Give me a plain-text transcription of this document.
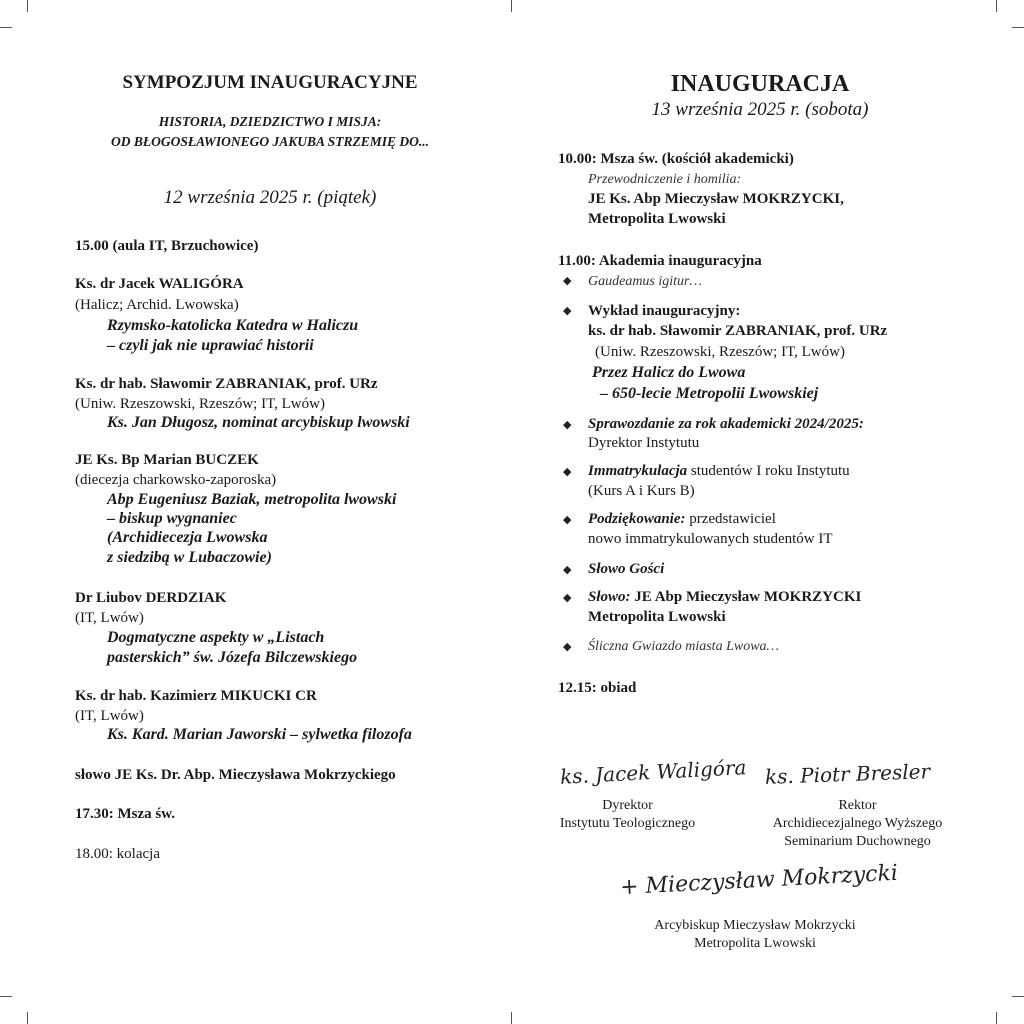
SYMPOZJUM INAUGURACYJNE
HISTORIA, DZIEDZICTWO I MISJA:
OD BŁOGOSŁAWIONEGO JAKUBA STRZEMIĘ DO...
12 września 2025 r. (piątek)
15.00 (aula IT, Brzuchowice)
Ks. dr Jacek WALIGÓRA
(Halicz; Archid. Lwowska)
Rzymsko-katolicka Katedra w Haliczu
– czyli jak nie uprawiać historii
Ks. dr hab. Sławomir ZABRANIAK, prof. URz
(Uniw. Rzeszowski, Rzeszów; IT, Lwów)
Ks. Jan Długosz, nominat arcybiskup lwowski
JE Ks. Bp Marian BUCZEK
(diecezja charkowsko-zaporoska)
Abp Eugeniusz Baziak, metropolita lwowski
– biskup wygnaniec
(Archidiecezja Lwowska
z siedzibą w Lubaczowie)
Dr Liubov DERDZIAK
(IT, Lwów)
Dogmatyczne aspekty w „Listach
pasterskich” św. Józefa Bilczewskiego
Ks. dr hab. Kazimierz MIKUCKI CR
(IT, Lwów)
Ks. Kard. Marian Jaworski – sylwetka filozofa
słowo JE Ks. Dr. Abp. Mieczysława Mokrzyckiego
17.30: Msza św.
18.00: kolacja
INAUGURACJA
13 września 2025 r. (sobota)
10.00: Msza św. (kościół akademicki)
Przewodniczenie i homilia:
JE Ks. Abp Mieczysław MOKRZYCKI,
Metropolita Lwowski
11.00: Akademia inauguracyjna
◆ Gaudeamus igitur…
◆ Wykład inauguracyjny:
ks. dr hab. Sławomir ZABRANIAK, prof. URz
(Uniw. Rzeszowski, Rzeszów; IT, Lwów)
Przez Halicz do Lwowa
– 650-lecie Metropolii Lwowskiej
◆ Sprawozdanie za rok akademicki 2024/2025:
Dyrektor Instytutu
◆ Immatrykulacja studentów I roku Instytutu
(Kurs A i Kurs B)
◆ Podziękowanie: przedstawiciel
nowo immatrykulowanych studentów IT
◆ Słowo Gości
◆ Słowo: JE Abp Mieczysław MOKRZYCKI
Metropolita Lwowski
◆ Śliczna Gwiazdo miasta Lwowa…
12.15: obiad
ks. Jacek Waligóra
Dyrektor
Instytutu Teologicznego
ks. Piotr Bresler
Rektor
Archidiecezjalnego Wyższego
Seminarium Duchownego
+ Mieczysław Mokrzycki
Arcybiskup Mieczysław Mokrzycki
Metropolita Lwowski
